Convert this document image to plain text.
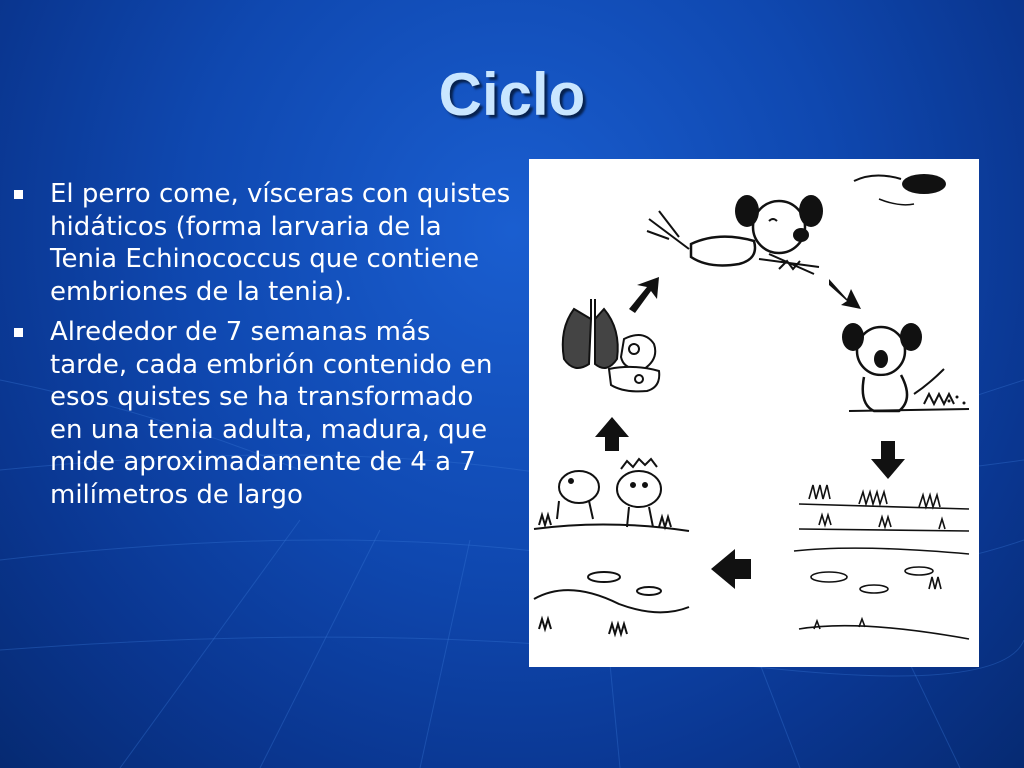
Ciclo
El perro come, vísceras con quistes hidáticos (forma larvaria de la Tenia Echinococcus que contiene embriones de la tenia).
Alrededor de 7 semanas más tarde, cada embrión contenido en esos quistes se ha transformado en una tenia adulta, madura, que mide aproximadamente de 4 a 7 milímetros de largo
